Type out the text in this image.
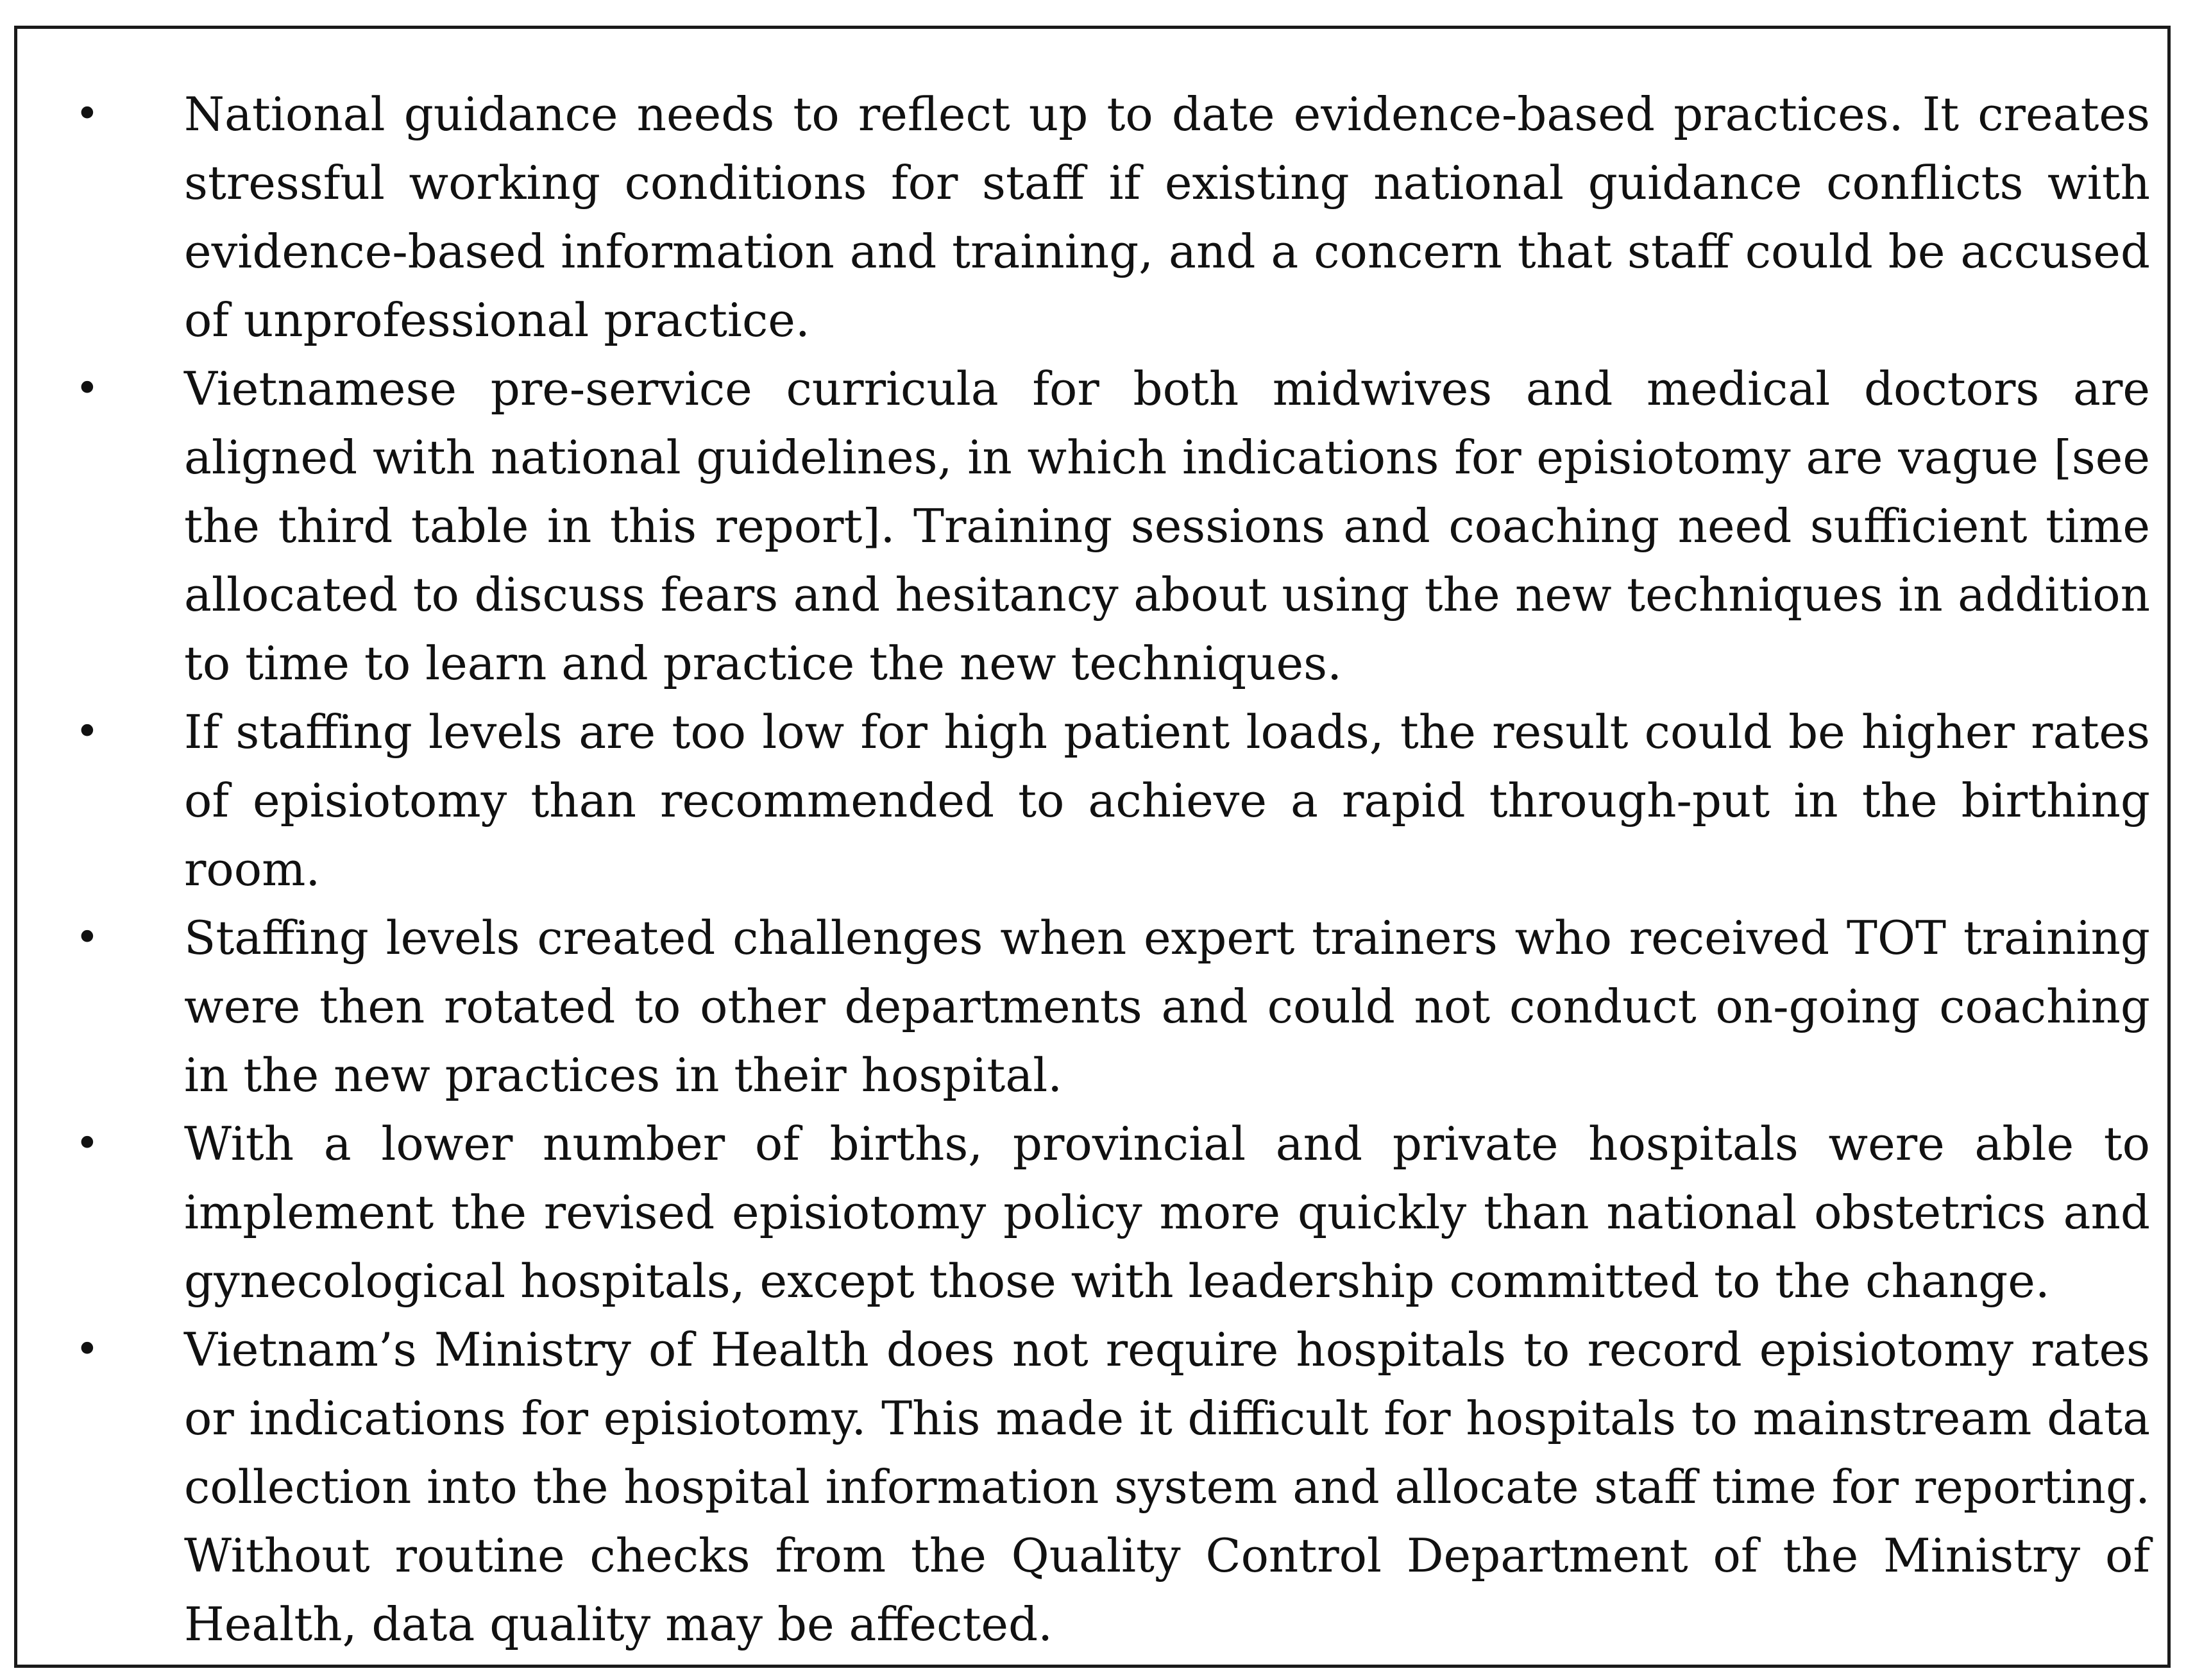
•	National guidance needs to reflect up to date evidence-based practices. It creates stressful working conditions for staff if existing national guidance conflicts with evidence-based information and training, and a concern that staff could be accused of unprofessional practice.
•	Vietnamese pre-service curricula for both midwives and medical doctors are aligned with national guidelines, in which indications for episiotomy are vague [see the third table in this report]. Training sessions and coaching need sufficient time allocated to discuss fears and hesitancy about using the new techniques in addition to time to learn and practice the new techniques.
•	If staffing levels are too low for high patient loads, the result could be higher rates of episiotomy than recommended to achieve a rapid through-put in the birthing room.
•	Staffing levels created challenges when expert trainers who received TOT training were then rotated to other departments and could not conduct on-going coaching in the new practices in their hospital.
•	With a lower number of births, provincial and private hospitals were able to implement the revised episiotomy policy more quickly than national obstetrics and gynecological hospitals, except those with leadership committed to the change.
•	Vietnam’s Ministry of Health does not require hospitals to record episiotomy rates or indications for episiotomy. This made it difficult for hospitals to mainstream data collection into the hospital information system and allocate staff time for reporting. Without routine checks from the Quality Control Department of the Ministry of Health, data quality may be affected.
